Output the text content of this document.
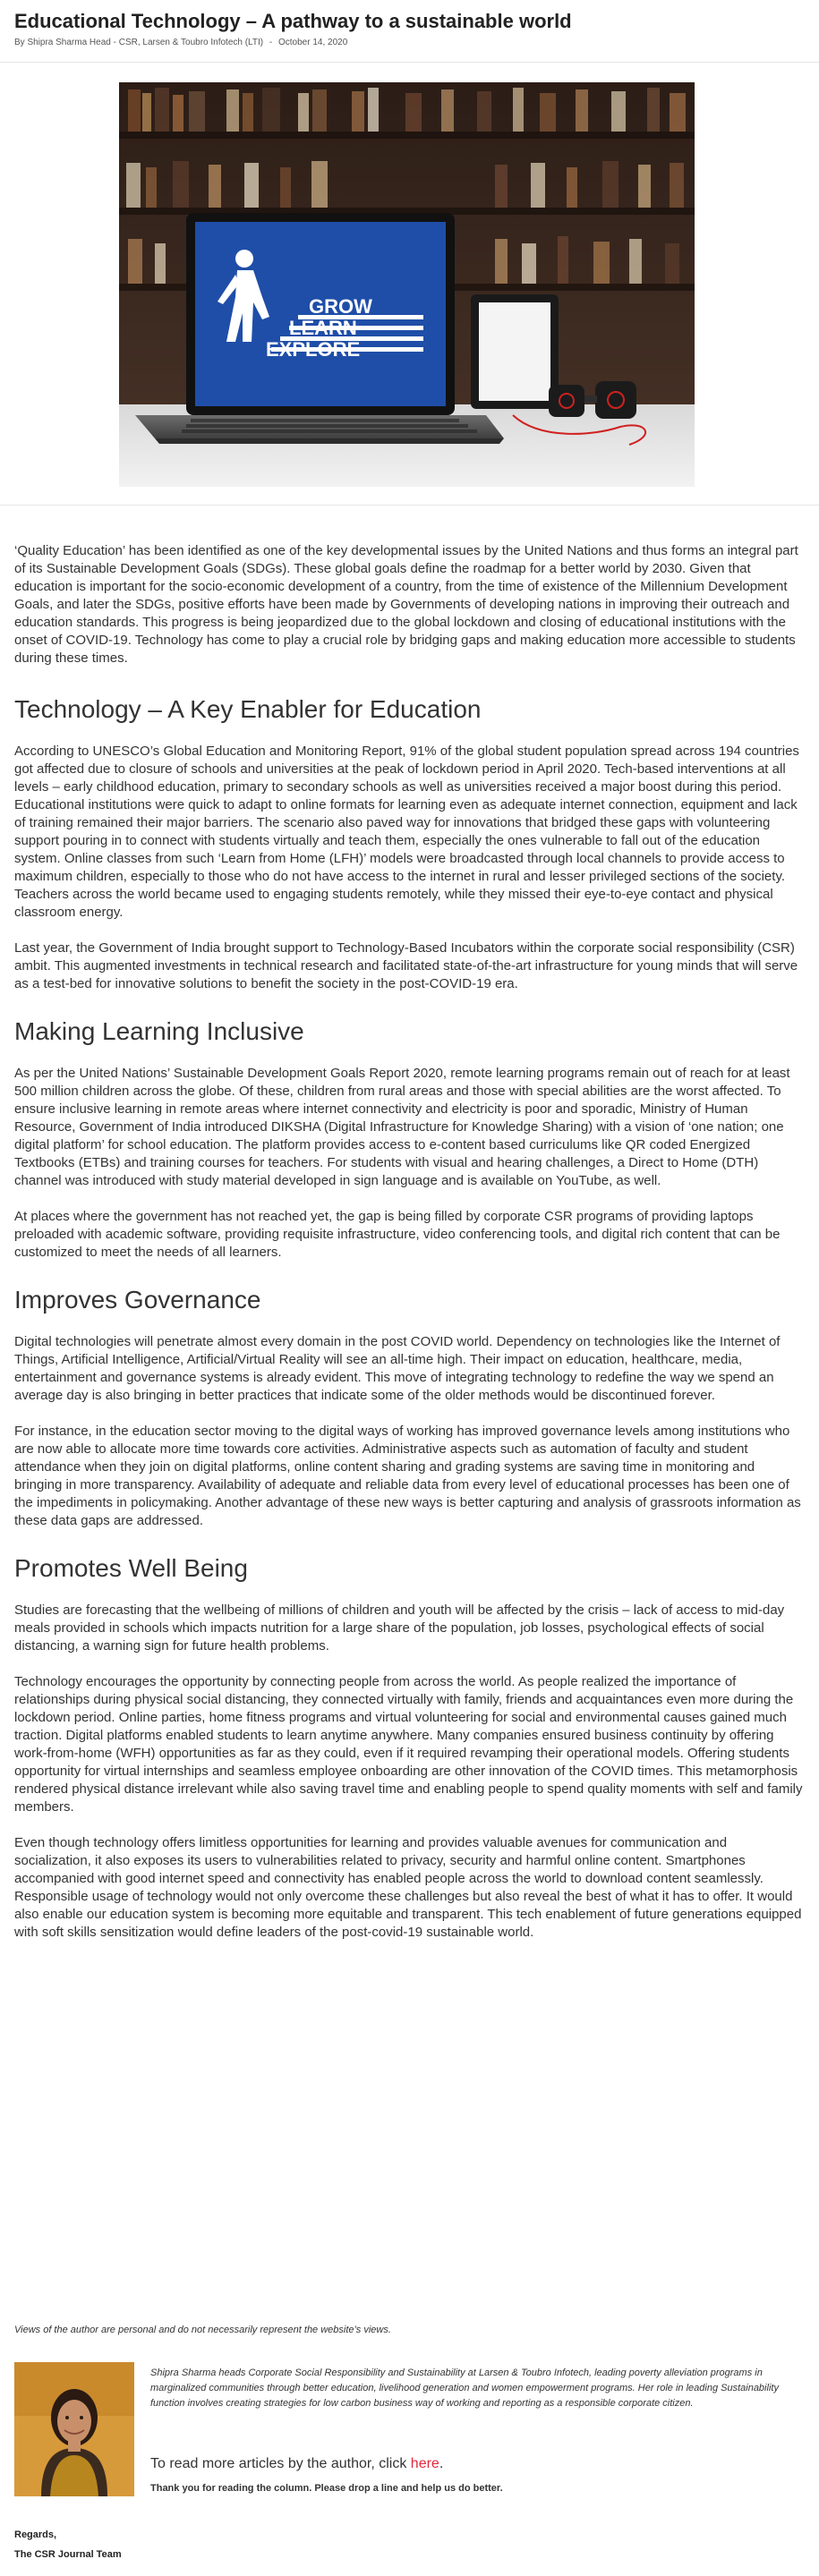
Educational Technology – A pathway to a sustainable world
By Shipra Sharma Head - CSR, Larsen & Toubro Infotech (LTI) - October 14, 2020
GROW
LEARN
EXPLORE

‘Quality Education’ has been identified as one of the key developmental issues by the United Nations and thus forms an integral part of its Sustainable Development Goals (SDGs). These global goals define the roadmap for a better world by 2030. Given that education is important for the socio-economic development of a country, from the time of existence of the Millennium Development Goals, and later the SDGs, positive efforts have been made by Governments of developing nations in improving their outreach and education standards. This progress is being jeopardized due to the global lockdown and closing of educational institutions with the onset of COVID-19. Technology has come to play a crucial role by bridging gaps and making education more accessible to students during these times.

Technology – A Key Enabler for Education

According to UNESCO’s Global Education and Monitoring Report, 91% of the global student population spread across 194 countries got affected due to closure of schools and universities at the peak of lockdown period in April 2020. Tech-based interventions at all levels – early childhood education, primary to secondary schools as well as universities received a major boost during this period. Educational institutions were quick to adapt to online formats for learning even as adequate internet connection, equipment and lack of training remained their major barriers. The scenario also paved way for innovations that bridged these gaps with volunteering support pouring in to connect with students virtually and teach them, especially the ones vulnerable to fall out of the education system. Online classes from such ‘Learn from Home (LFH)’ models were broadcasted through local channels to provide access to maximum children, especially to those who do not have access to the internet in rural and lesser privileged sections of the society. Teachers across the world became used to engaging students remotely, while they missed their eye-to-eye contact and physical classroom energy.

Last year, the Government of India brought support to Technology-Based Incubators within the corporate social responsibility (CSR) ambit. This augmented investments in technical research and facilitated state-of-the-art infrastructure for young minds that will serve as a test-bed for innovative solutions to benefit the society in the post-COVID-19 era.

Making Learning Inclusive

As per the United Nations’ Sustainable Development Goals Report 2020, remote learning programs remain out of reach for at least 500 million children across the globe. Of these, children from rural areas and those with special abilities are the worst affected. To ensure inclusive learning in remote areas where internet connectivity and electricity is poor and sporadic, Ministry of Human Resource, Government of India introduced DIKSHA (Digital Infrastructure for Knowledge Sharing) with a vision of ‘one nation; one digital platform’ for school education. The platform provides access to e-content based curriculums like QR coded Energized Textbooks (ETBs) and training courses for teachers. For students with visual and hearing challenges, a Direct to Home (DTH) channel was introduced with study material developed in sign language and is available on YouTube, as well.

At places where the government has not reached yet, the gap is being filled by corporate CSR programs of providing laptops preloaded with academic software, providing requisite infrastructure, video conferencing tools, and digital rich content that can be customized to meet the needs of all learners.

Improves Governance

Digital technologies will penetrate almost every domain in the post COVID world. Dependency on technologies like the Internet of Things, Artificial Intelligence, Artificial/Virtual Reality will see an all-time high. Their impact on education, healthcare, media, entertainment and governance systems is already evident. This move of integrating technology to redefine the way we spend an average day is also bringing in better practices that indicate some of the older methods would be discontinued forever.

For instance, in the education sector moving to the digital ways of working has improved governance levels among institutions who are now able to allocate more time towards core activities. Administrative aspects such as automation of faculty and student attendance when they join on digital platforms, online content sharing and grading systems are saving time in monitoring and bringing in more transparency. Availability of adequate and reliable data from every level of educational processes has been one of the impediments in policymaking. Another advantage of these new ways is better capturing and analysis of grassroots information as these data gaps are addressed.

Promotes Well Being

Studies are forecasting that the wellbeing of millions of children and youth will be affected by the crisis – lack of access to mid-day meals provided in schools which impacts nutrition for a large share of the population, job losses, psychological effects of social distancing, a warning sign for future health problems.

Technology encourages the opportunity by connecting people from across the world. As people realized the importance of relationships during physical social distancing, they connected virtually with family, friends and acquaintances even more during the lockdown period. Online parties, home fitness programs and virtual volunteering for social and environmental causes gained much traction. Digital platforms enabled students to learn anytime anywhere. Many companies ensured business continuity by offering work-from-home (WFH) opportunities as far as they could, even if it required revamping their operational models. Offering students opportunity for virtual internships and seamless employee onboarding are other innovation of the COVID times. This metamorphosis rendered physical distance irrelevant while also saving travel time and enabling people to spend quality moments with self and family members.

Even though technology offers limitless opportunities for learning and provides valuable avenues for communication and socialization, it also exposes its users to vulnerabilities related to privacy, security and harmful online content. Smartphones accompanied with good internet speed and connectivity has enabled people across the world to download content seamlessly. Responsible usage of technology would not only overcome these challenges but also reveal the best of what it has to offer. It would also enable our education system is becoming more equitable and transparent. This tech enablement of future generations equipped with soft skills sensitization would define leaders of the post-covid-19 sustainable world.

Views of the author are personal and do not necessarily represent the website’s views.
Shipra Sharma heads Corporate Social Responsibility and Sustainability at Larsen & Toubro Infotech, leading poverty alleviation programs in marginalized communities through better education, livelihood generation and women empowerment programs. Her role in leading Sustainability function involves creating strategies for low carbon business way of working and reporting as a responsible corporate citizen.
To read more articles by the author, click here.
Thank you for reading the column. Please drop a line and help us do better.
Regards,
The CSR Journal Team
